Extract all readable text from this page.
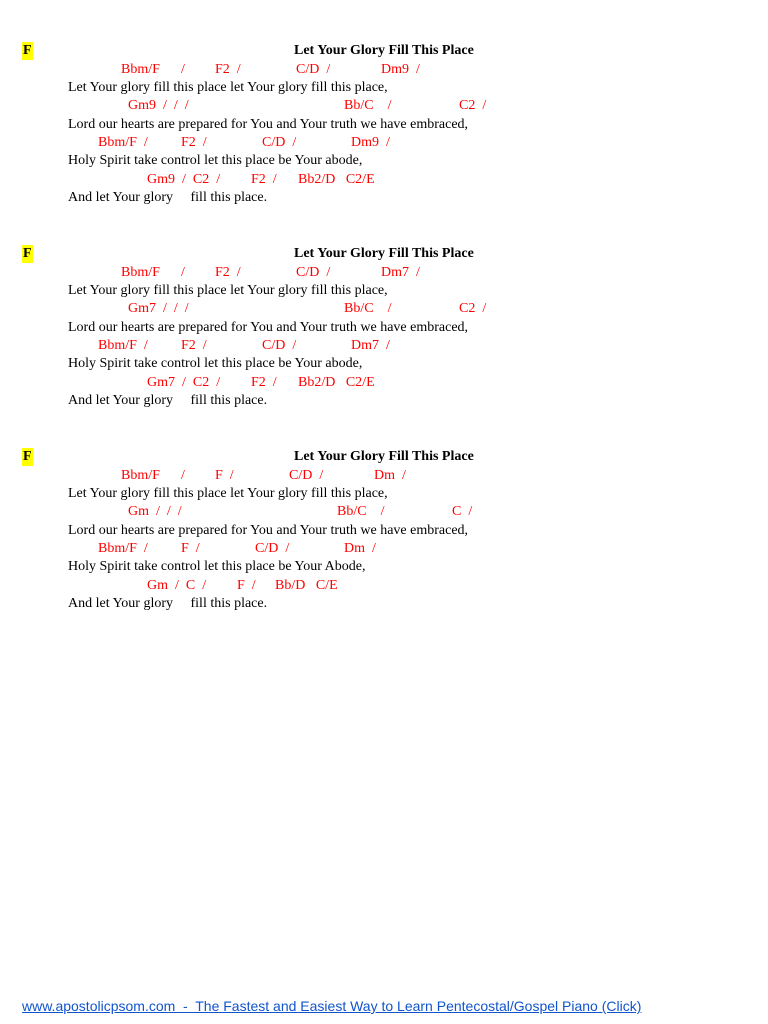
F	Let Your Glory Fill This Place
Bbm/F / F2  /	C/D  /	Dm9  /
Let Your glory fill this place let Your glory fill this place,
Gm9  /  /  /	Bb/C    /	C2  /
Lord our hearts are prepared for You and Your truth we have embraced,
Bbm/F  / F2  /	C/D  /	Dm9  /
Holy Spirit take control let this place be Your abode,
Gm9  /  C2  / F2  / Bb2/D   C2/E
And let Your glory     fill this place.
F	Let Your Glory Fill This Place
Bbm/F / F2  /	C/D  /	Dm7  /
Let Your glory fill this place let Your glory fill this place,
Gm7  /  /  /	Bb/C    /	C2  /
Lord our hearts are prepared for You and Your truth we have embraced,
Bbm/F  / F2  /	C/D  /	Dm7  /
Holy Spirit take control let this place be Your abode,
Gm7  /  C2  / F2  / Bb2/D   C2/E
And let Your glory     fill this place.
F	Let Your Glory Fill This Place
Bbm/F / F  /	C/D  /	Dm  /
Let Your glory fill this place let Your glory fill this place,
Gm  /  /  /	Bb/C    /	C  /
Lord our hearts are prepared for You and Your truth we have embraced,
Bbm/F  / F  /	C/D  /	Dm  /
Holy Spirit take control let this place be Your Abode,
Gm  /  C  / F  / Bb/D   C/E
And let Your glory     fill this place.
www.apostolicpsom.com  -  The Fastest and Easiest Way to Learn Pentecostal/Gospel Piano (Click)
